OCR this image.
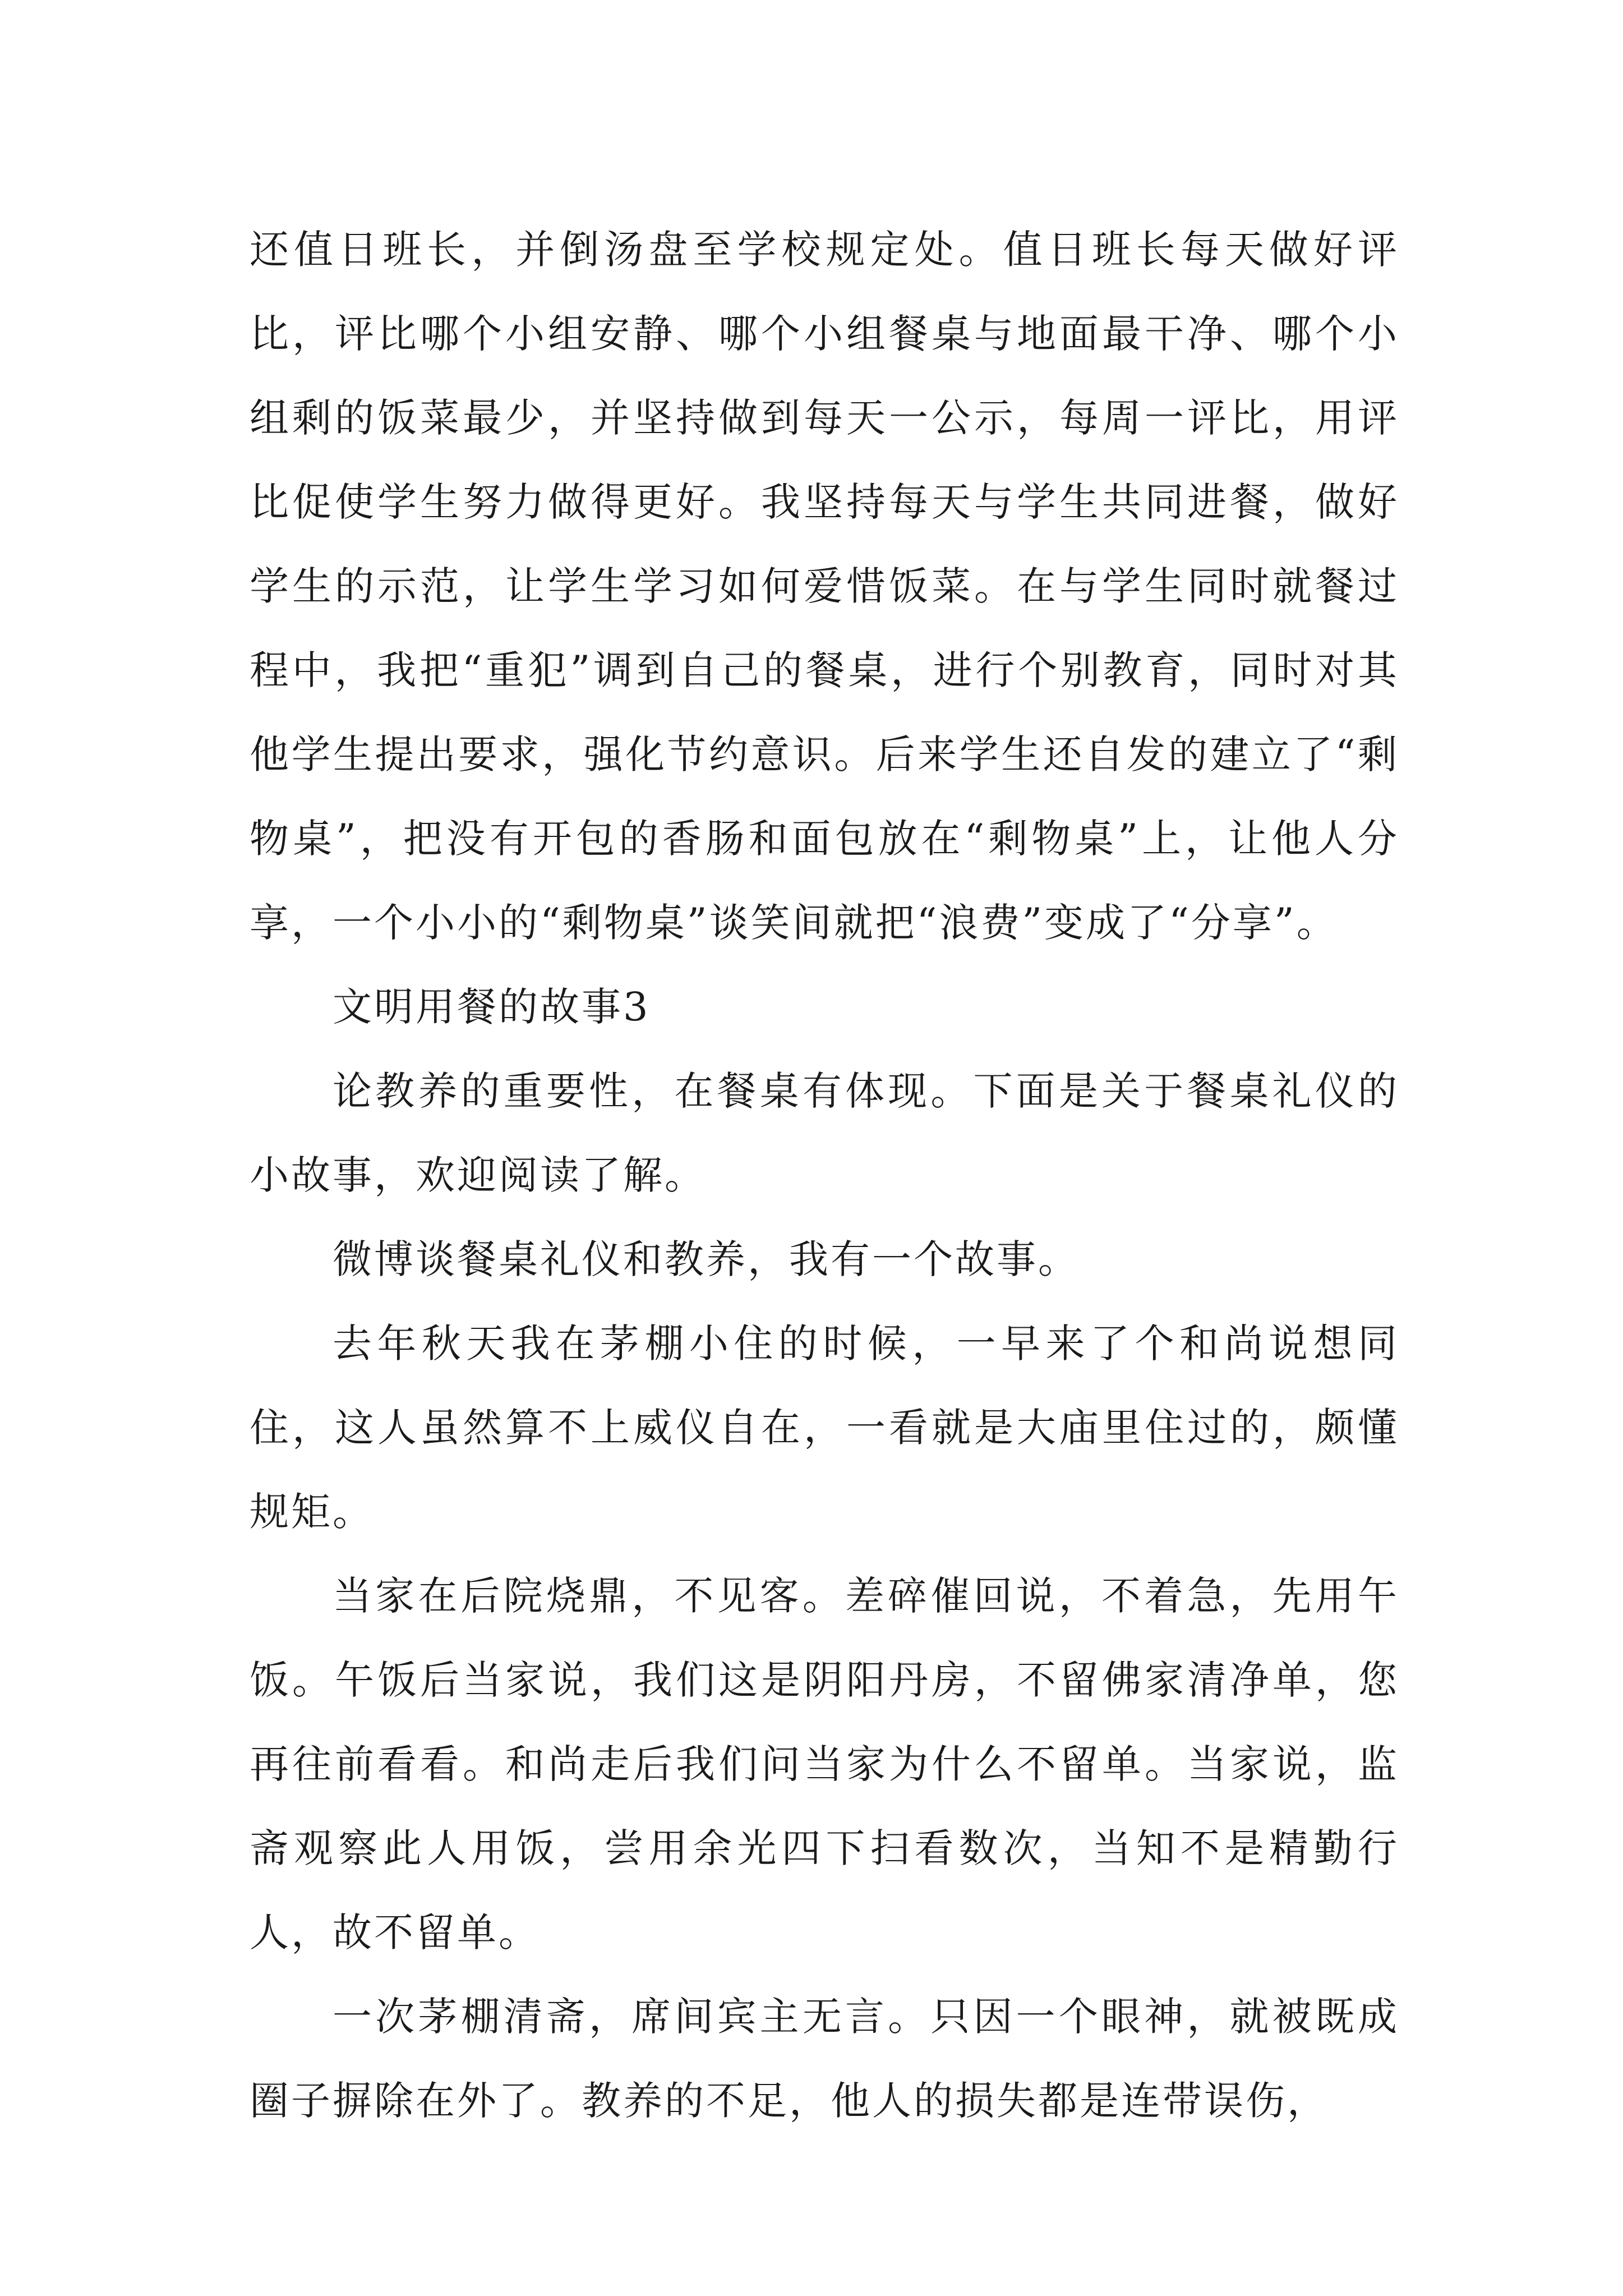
还值日班长，并倒汤盘至学校规定处。值日班长每天做好评比，评比哪个小组安静、哪个小组餐桌与地面最干净、哪个小组剩的饭菜最少，并坚持做到每天一公示，每周一评比，用评比促使学生努力做得更好。我坚持每天与学生共同进餐，做好学生的示范，让学生学习如何爱惜饭菜。在与学生同时就餐过程中，我把“重犯”调到自己的餐桌，进行个别教育，同时对其他学生提出要求，强化节约意识。后来学生还自发的建立了“剩物桌”，把没有开包的香肠和面包放在“剩物桌”上，让他人分享，一个小小的“剩物桌”谈笑间就把“浪费”变成了“分享”。

文明用餐的故事3

论教养的重要性，在餐桌有体现。下面是关于餐桌礼仪的小故事，欢迎阅读了解。

微博谈餐桌礼仪和教养，我有一个故事。

去年秋天我在茅棚小住的时候，一早来了个和尚说想同住，这人虽然算不上威仪自在，一看就是大庙里住过的，颇懂规矩。

当家在后院烧鼎，不见客。差碎催回说，不着急，先用午饭。午饭后当家说，我们这是阴阳丹房，不留佛家清净单，您再往前看看。和尚走后我们问当家为什么不留单。当家说，监斋观察此人用饭，尝用余光四下扫看数次，当知不是精勤行人，故不留单。

一次茅棚清斋，席间宾主无言。只因一个眼神，就被既成圈子摒除在外了。教养的不足，他人的损失都是连带误伤，
